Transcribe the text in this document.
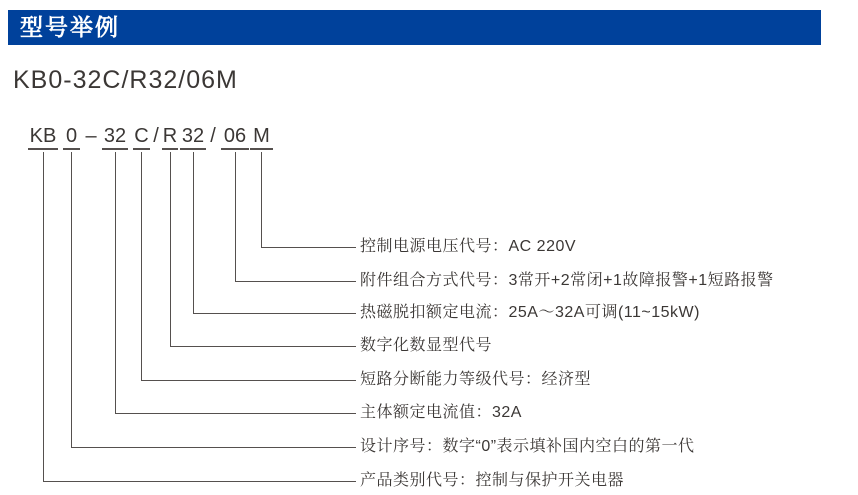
型号举例
KB0-32C/R32/06M
KB 0 – 32 C / R 32 / 06 M
控制电源电压代号：AC 220V
附件组合方式代号：3常开+2常闭+1故障报警+1短路报警
热磁脱扣额定电流：25A～32A可调(11~15kW)
数字化数显型代号
短路分断能力等级代号：经济型
主体额定电流值：32A
设计序号：数字“0”表示填补国内空白的第一代
产品类别代号：控制与保护开关电器
